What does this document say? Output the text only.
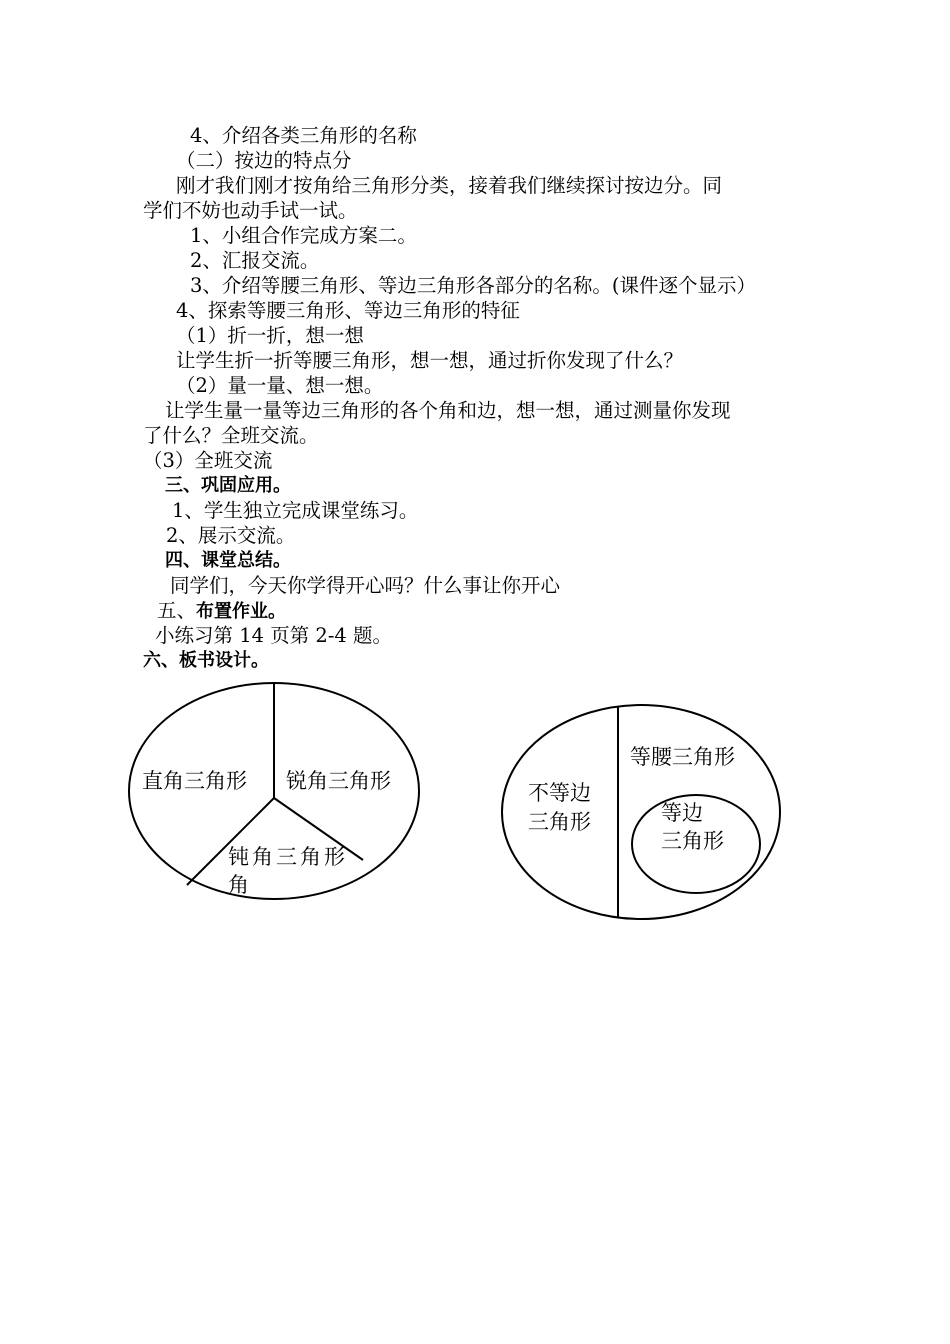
4、介绍各类三角形的名称
（二）按边的特点分
刚才我们刚才按角给三角形分类，接着我们继续探讨按边分。同
学们不妨也动手试一试。
1、小组合作完成方案二。
2、汇报交流。
3、介绍等腰三角形、等边三角形各部分的名称。(课件逐个显示）
4、探索等腰三角形、等边三角形的特征
（1）折一折，想一想
让学生折一折等腰三角形，想一想，通过折你发现了什么？
（2）量一量、想一想。
让学生量一量等边三角形的各个角和边，想一想，通过测量你发现
了什么？全班交流。
（3）全班交流
三、巩固应用。
1、学生独立完成课堂练习。
2、展示交流。
四、课堂总结。
同学们，今天你学得开心吗？什么事让你开心
五、布置作业。
小练习第 14 页第 2-4 题。
六、板书设计。
直角三角形 锐角三角形
钝角三角形
角
不等边
三角形
等腰三角形
等边
三角形
